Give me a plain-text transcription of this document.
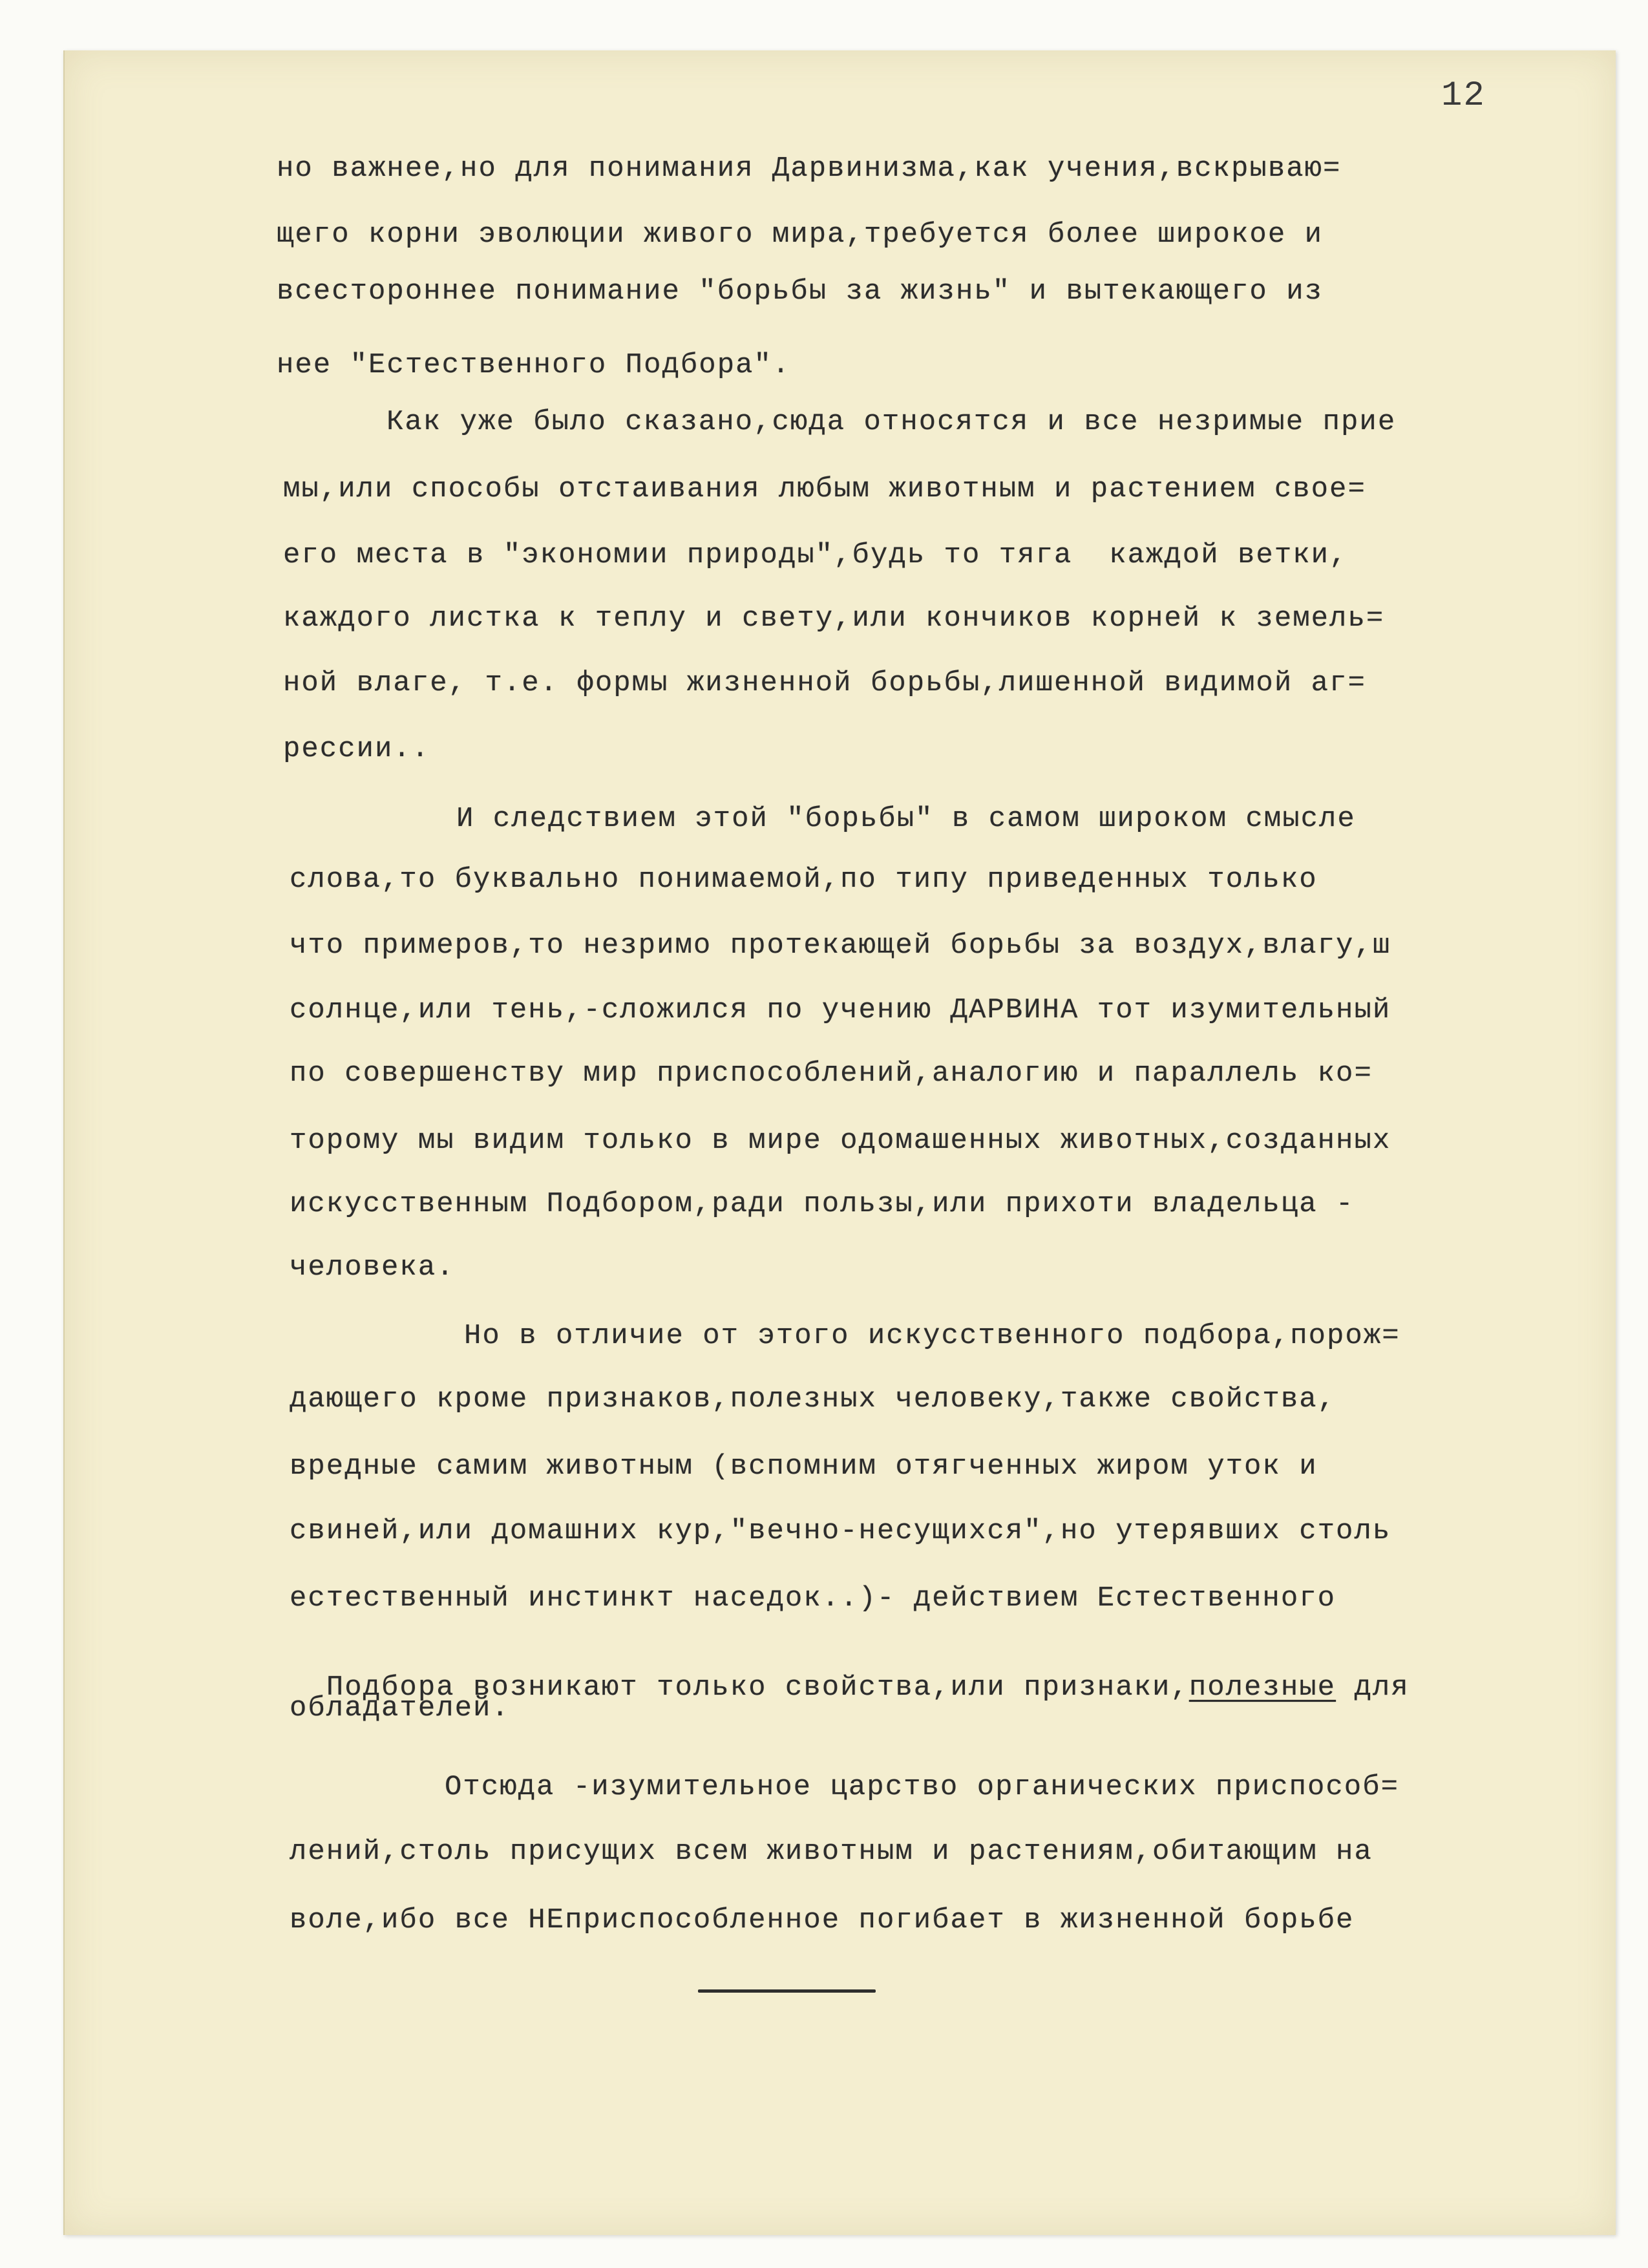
12
но важнее,но для понимания Дарвинизма,как учения,вскрываю=
щего корни эволюции живого мира,требуется более широкое и
всестороннее понимание "борьбы за жизнь" и вытекающего из
нее "Естественного Подбора".
Как уже было сказано,сюда относятся и все незримые прие
мы,или способы отстаивания любым животным и растением свое=
его места в "экономии природы",будь то тяга  каждой ветки,
каждого листка к теплу и свету,или кончиков корней к земель=
ной влаге, т.е. формы жизненной борьбы,лишенной видимой аг=
рессии..
И следствием этой "борьбы" в самом широком смысле
слова,то буквально понимаемой,по типу приведенных только
что примеров,то незримо протекающей борьбы за воздух,влагу,ш
солнце,или тень,-сложился по учению ДАРВИНА тот изумительный
по совершенству мир приспособлений,аналогию и параллель ко=
торому мы видим только в мире одомашенных животных,созданных
искусственным Подбором,ради пользы,или прихоти владельца -
человека.
Но в отличие от этого искусственного подбора,порож=
дающего кроме признаков,полезных человеку,также свойства,
вредные самим животным (вспомним отягченных жиром уток и
свиней,или домашних кур,"вечно-несущихся",но утерявших столь
естественный инстинкт наседок..)- действием Естественного

Подбора возникают только свойства,или признаки,полезные для

обладателей.
Отсюда -изумительное царство органических приспособ=
лений,столь присущих всем животным и растениям,обитающим на
воле,ибо все НЕприспособленное погибает в жизненной борьбе
